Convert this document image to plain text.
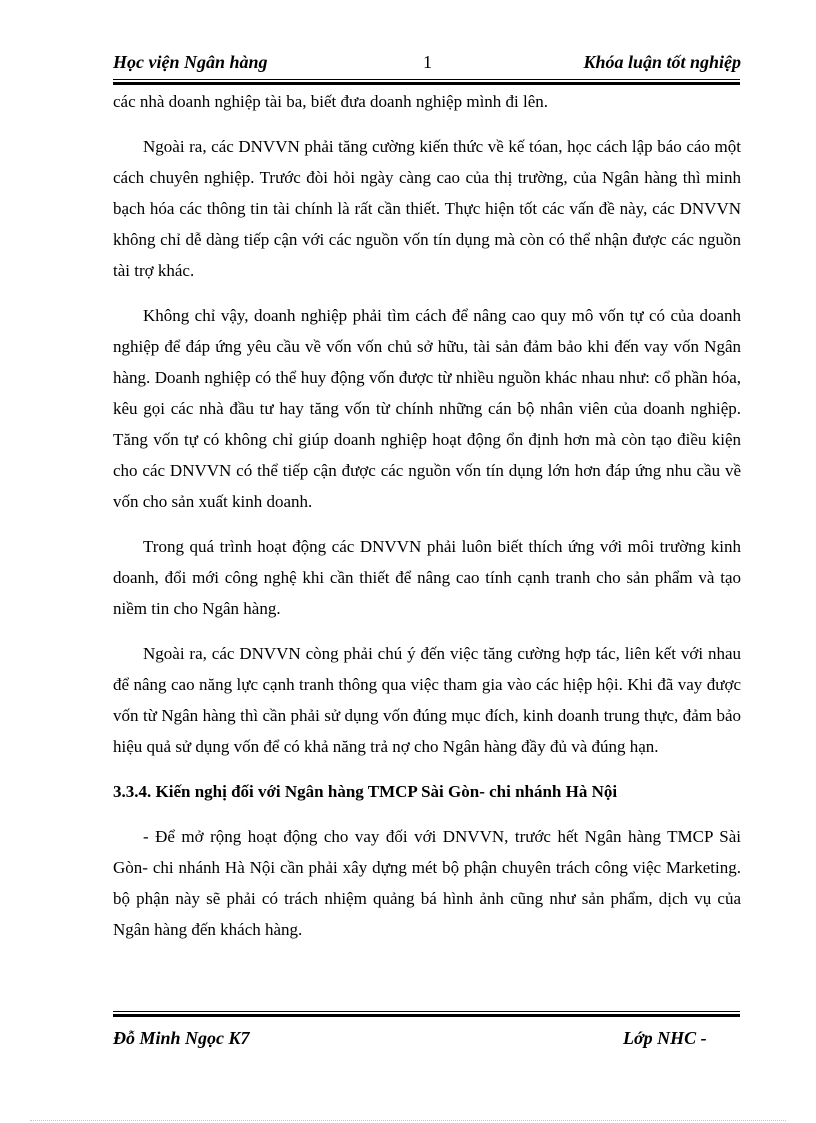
Học viện Ngân hàng	1	Khóa luận tốt nghiệp

các nhà doanh nghiệp tài ba, biết đưa doanh nghiệp mình đi lên.

Ngoài ra, các DNVVN phải tăng cường kiến thức về kế tóan, học cách lập báo cáo một cách chuyên nghiệp. Trước đòi hỏi ngày càng cao của thị trường, của Ngân hàng thì minh bạch hóa các thông tin tài chính là rất cần thiết. Thực hiện tốt các vấn đề này, các DNVVN không chỉ dễ dàng tiếp cận với các nguồn vốn tín dụng mà còn có thể nhận được các nguồn tài trợ khác.

Không chỉ vậy, doanh nghiệp phải tìm cách để nâng cao quy mô vốn tự có của doanh nghiệp để đáp ứng yêu cầu về vốn vốn chủ sở hữu, tài sản đảm bảo khi đến vay vốn Ngân hàng. Doanh nghiệp có thể huy động vốn được từ nhiều nguồn khác nhau như: cổ phần hóa, kêu gọi các nhà đầu tư hay tăng vốn từ chính những cán bộ nhân viên của doanh nghiệp. Tăng vốn tự có không chỉ giúp doanh nghiệp hoạt động ổn định hơn mà còn tạo điều kiện cho các DNVVN có thể tiếp cận được các nguồn vốn tín dụng lớn hơn đáp ứng nhu cầu về vốn cho sản xuất kinh doanh.

Trong quá trình hoạt động các DNVVN phải luôn biết thích ứng với môi trường kinh doanh, đổi mới công nghệ khi cần thiết để nâng cao tính cạnh tranh cho sản phẩm và tạo niềm tin cho Ngân hàng.

Ngoài ra, các DNVVN còng phải chú ý đến việc tăng cường hợp tác, liên kết với nhau để nâng cao năng lực cạnh tranh thông qua việc tham gia vào các hiệp hội. Khi đã vay được vốn từ Ngân hàng thì cần phải sử dụng vốn đúng mục đích, kinh doanh trung thực, đảm bảo hiệu quả sử dụng vốn để có khả năng trả nợ cho Ngân hàng đầy đủ và đúng hạn.

3.3.4. Kiến nghị đối với Ngân hàng TMCP Sài Gòn- chi nhánh Hà Nội

- Để mở rộng hoạt động cho vay đối với DNVVN, trước hết Ngân hàng TMCP Sài Gòn- chi nhánh Hà Nội cần phải xây dựng mét bộ phận chuyên trách công việc Marketing. bộ phận này sẽ phải có trách nhiệm quảng bá hình ảnh cũng như sản phẩm, dịch vụ của Ngân hàng đến khách hàng.

Đỗ Minh Ngọc K7	Lớp NHC -
